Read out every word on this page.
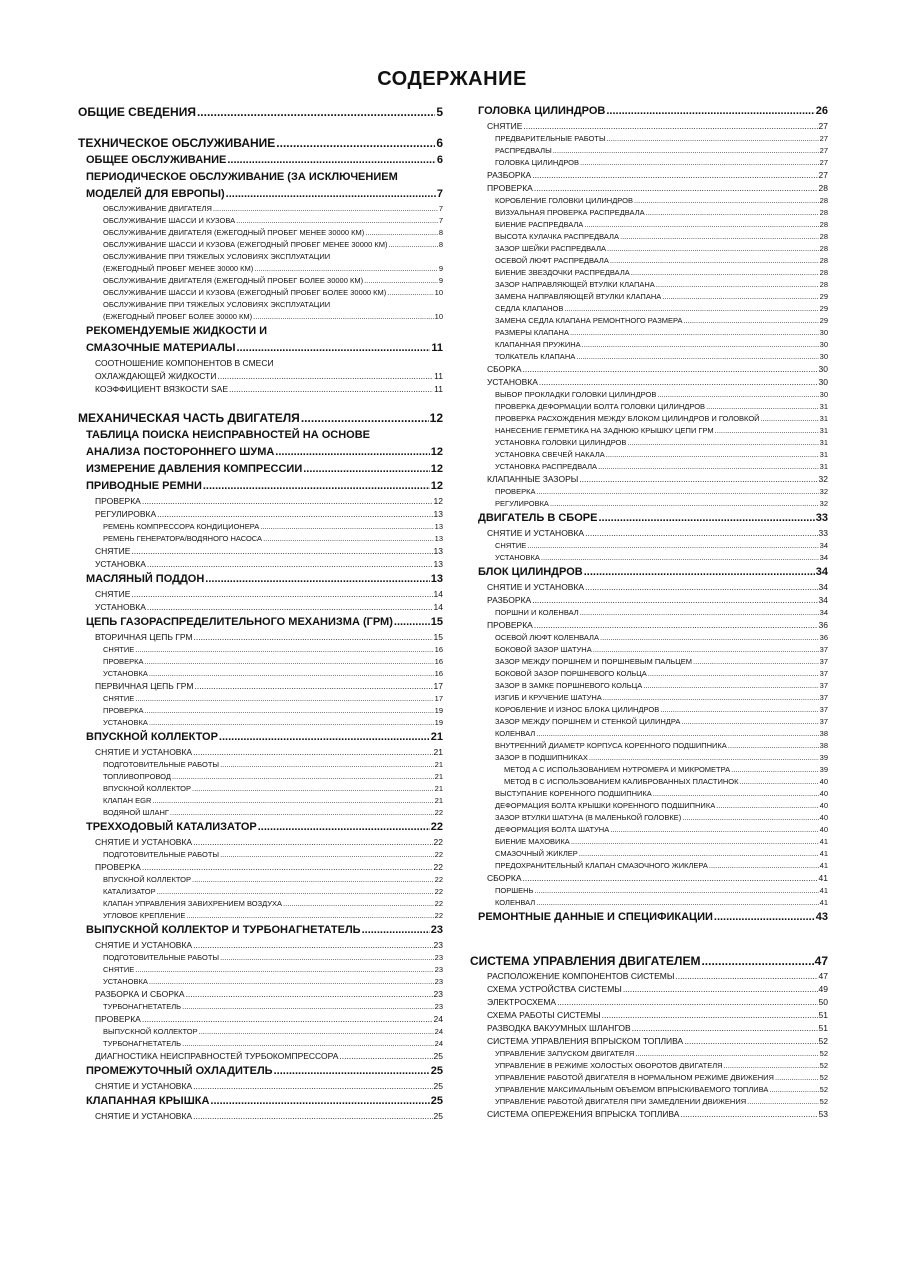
СОДЕРЖАНИЕ
ОБЩИЕ СВЕДЕНИЯ .....	5
ТЕХНИЧЕСКОЕ ОБСЛУЖИВАНИЕ .....	6
ОБЩЕЕ ОБСЛУЖИВАНИЕ .....	6
ПЕРИОДИЧЕСКОЕ ОБСЛУЖИВАНИЕ (ЗА ИСКЛЮЧЕНИЕМ
МОДЕЛЕЙ ДЛЯ ЕВРОПЫ) .....	7
ОБСЛУЖИВАНИЕ ДВИГАТЕЛЯ .....	7
ОБСЛУЖИВАНИЕ ШАССИ И КУЗОВА .....	7
ОБСЛУЖИВАНИЕ ДВИГАТЕЛЯ (ЕЖЕГОДНЫЙ ПРОБЕГ МЕНЕЕ 30000 КМ) .....	8
ОБСЛУЖИВАНИЕ ШАССИ И КУЗОВА (ЕЖЕГОДНЫЙ ПРОБЕГ МЕНЕЕ 30000 КМ) .....	8
ОБСЛУЖИВАНИЕ ПРИ ТЯЖЕЛЫХ УСЛОВИЯХ ЭКСПЛУАТАЦИИ
(ЕЖЕГОДНЫЙ ПРОБЕГ МЕНЕЕ 30000 КМ) .....	9
ОБСЛУЖИВАНИЕ ДВИГАТЕЛЯ (ЕЖЕГОДНЫЙ ПРОБЕГ БОЛЕЕ 30000 КМ) .....	9
ОБСЛУЖИВАНИЕ ШАССИ И КУЗОВА (ЕЖЕГОДНЫЙ ПРОБЕГ БОЛЕЕ 30000 КМ) .....	10
ОБСЛУЖИВАНИЕ ПРИ ТЯЖЕЛЫХ УСЛОВИЯХ ЭКСПЛУАТАЦИИ
(ЕЖЕГОДНЫЙ ПРОБЕГ БОЛЕЕ 30000 КМ) .....	10
РЕКОМЕНДУЕМЫЕ ЖИДКОСТИ И
СМАЗОЧНЫЕ МАТЕРИАЛЫ .....	11
СООТНОШЕНИЕ КОМПОНЕНТОВ В СМЕСИ
ОХЛАЖДАЮЩЕЙ ЖИДКОСТИ .....	11
КОЭФФИЦИЕНТ ВЯЗКОСТИ SAE .....	11
МЕХАНИЧЕСКАЯ ЧАСТЬ ДВИГАТЕЛЯ .....	12
ТАБЛИЦА ПОИСКА НЕИСПРАВНОСТЕЙ НА ОСНОВЕ
АНАЛИЗА ПОСТОРОННЕГО ШУМА .....	12
ИЗМЕРЕНИЕ ДАВЛЕНИЯ КОМПРЕССИИ .....	12
ПРИВОДНЫЕ РЕМНИ .....	12
ПРОВЕРКА .....	12
РЕГУЛИРОВКА .....	13
РЕМЕНЬ КОМПРЕССОРА КОНДИЦИОНЕРА .....	13
РЕМЕНЬ ГЕНЕРАТОРА/ВОДЯНОГО НАСОСА .....	13
СНЯТИЕ .....	13
УСТАНОВКА .....	13
МАСЛЯНЫЙ ПОДДОН .....	13
СНЯТИЕ .....	14
УСТАНОВКА .....	14
ЦЕПЬ ГАЗОРАСПРЕДЕЛИТЕЛЬНОГО МЕХАНИЗМА (ГРМ) .....	15
ВТОРИЧНАЯ ЦЕПЬ ГРМ .....	15
СНЯТИЕ .....	16
ПРОВЕРКА .....	16
УСТАНОВКА .....	16
ПЕРВИЧНАЯ ЦЕПЬ ГРМ .....	17
СНЯТИЕ .....	17
ПРОВЕРКА .....	19
УСТАНОВКА .....	19
ВПУСКНОЙ КОЛЛЕКТОР .....	21
СНЯТИЕ И УСТАНОВКА .....	21
ПОДГОТОВИТЕЛЬНЫЕ РАБОТЫ .....	21
ТОПЛИВОПРОВОД .....	21
ВПУСКНОЙ КОЛЛЕКТОР .....	21
КЛАПАН EGR .....	21
ВОДЯНОЙ ШЛАНГ .....	22
ТРЕХХОДОВЫЙ КАТАЛИЗАТОР .....	22
СНЯТИЕ И УСТАНОВКА .....	22
ПОДГОТОВИТЕЛЬНЫЕ РАБОТЫ .....	22
ПРОВЕРКА .....	22
ВПУСКНОЙ КОЛЛЕКТОР .....	22
КАТАЛИЗАТОР .....	22
КЛАПАН УПРАВЛЕНИЯ ЗАВИХРЕНИЕМ ВОЗДУХА .....	22
УГЛОВОЕ КРЕПЛЕНИЕ .....	22
ВЫПУСКНОЙ КОЛЛЕКТОР И ТУРБОНАГНЕТАТЕЛЬ .....	23
СНЯТИЕ И УСТАНОВКА .....	23
ПОДГОТОВИТЕЛЬНЫЕ РАБОТЫ .....	23
СНЯТИЕ .....	23
УСТАНОВКА .....	23
РАЗБОРКА И СБОРКА .....	23
ТУРБОНАГНЕТАТЕЛЬ .....	23
ПРОВЕРКА .....	24
ВЫПУСКНОЙ КОЛЛЕКТОР .....	24
ТУРБОНАГНЕТАТЕЛЬ .....	24
ДИАГНОСТИКА НЕИСПРАВНОСТЕЙ ТУРБОКОМПРЕССОРА .....	25
ПРОМЕЖУТОЧНЫЙ ОХЛАДИТЕЛЬ .....	25
СНЯТИЕ И УСТАНОВКА .....	25
КЛАПАННАЯ КРЫШКА .....	25
СНЯТИЕ И УСТАНОВКА .....	25
ГОЛОВКА ЦИЛИНДРОВ .....	26
СНЯТИЕ .....	27
ПРЕДВАРИТЕЛЬНЫЕ РАБОТЫ .....	27
РАСПРЕДВАЛЫ .....	27
ГОЛОВКА ЦИЛИНДРОВ .....	27
РАЗБОРКА .....	27
ПРОВЕРКА .....	28
КОРОБЛЕНИЕ ГОЛОВКИ ЦИЛИНДРОВ .....	28
ВИЗУАЛЬНАЯ ПРОВЕРКА РАСПРЕДВАЛА .....	28
БИЕНИЕ РАСПРЕДВАЛА .....	28
ВЫСОТА КУЛАЧКА РАСПРЕДВАЛА .....	28
ЗАЗОР ШЕЙКИ РАСПРЕДВАЛА .....	28
ОСЕВОЙ ЛЮФТ РАСПРЕДВАЛА .....	28
БИЕНИЕ ЗВЕЗДОЧКИ РАСПРЕДВАЛА .....	28
ЗАЗОР НАПРАВЛЯЮЩЕЙ ВТУЛКИ КЛАПАНА .....	28
ЗАМЕНА НАПРАВЛЯЮЩЕЙ ВТУЛКИ КЛАПАНА .....	29
СЕДЛА КЛАПАНОВ .....	29
ЗАМЕНА СЕДЛА КЛАПАНА РЕМОНТНОГО РАЗМЕРА .....	29
РАЗМЕРЫ КЛАПАНА .....	30
КЛАПАННАЯ ПРУЖИНА .....	30
ТОЛКАТЕЛЬ КЛАПАНА .....	30
СБОРКА .....	30
УСТАНОВКА .....	30
ВЫБОР ПРОКЛАДКИ ГОЛОВКИ ЦИЛИНДРОВ .....	30
ПРОВЕРКА ДЕФОРМАЦИИ БОЛТА ГОЛОВКИ ЦИЛИНДРОВ .....	31
ПРОВЕРКА РАСХОЖДЕНИЯ МЕЖДУ БЛОКОМ ЦИЛИНДРОВ И ГОЛОВКОЙ .....	31
НАНЕСЕНИЕ ГЕРМЕТИКА НА ЗАДНЮЮ КРЫШКУ ЦЕПИ ГРМ .....	31
УСТАНОВКА ГОЛОВКИ ЦИЛИНДРОВ .....	31
УСТАНОВКА СВЕЧЕЙ НАКАЛА .....	31
УСТАНОВКА РАСПРЕДВАЛА .....	31
КЛАПАННЫЕ ЗАЗОРЫ .....	32
ПРОВЕРКА .....	32
РЕГУЛИРОВКА .....	32
ДВИГАТЕЛЬ В СБОРЕ .....	33
СНЯТИЕ И УСТАНОВКА .....	33
СНЯТИЕ .....	34
УСТАНОВКА .....	34
БЛОК ЦИЛИНДРОВ .....	34
СНЯТИЕ И УСТАНОВКА .....	34
РАЗБОРКА .....	34
ПОРШНИ И КОЛЕНВАЛ .....	34
ПРОВЕРКА .....	36
ОСЕВОЙ ЛЮФТ КОЛЕНВАЛА .....	36
БОКОВОЙ ЗАЗОР ШАТУНА .....	37
ЗАЗОР МЕЖДУ ПОРШНЕМ И ПОРШНЕВЫМ ПАЛЬЦЕМ .....	37
БОКОВОЙ ЗАЗОР ПОРШНЕВОГО КОЛЬЦА .....	37
ЗАЗОР В ЗАМКЕ ПОРШНЕВОГО КОЛЬЦА .....	37
ИЗГИБ И КРУЧЕНИЕ ШАТУНА .....	37
КОРОБЛЕНИЕ И ИЗНОС БЛОКА ЦИЛИНДРОВ .....	37
ЗАЗОР МЕЖДУ ПОРШНЕМ И СТЕНКОЙ ЦИЛИНДРА .....	37
КОЛЕНВАЛ .....	38
ВНУТРЕННИЙ ДИАМЕТР КОРПУСА КОРЕННОГО ПОДШИПНИКА .....	38
ЗАЗОР В ПОДШИПНИКАХ .....	39
МЕТОД A С ИСПОЛЬЗОВАНИЕМ НУТРОМЕРА И МИКРОМЕТРА .....	39
МЕТОД B С ИСПОЛЬЗОВАНИЕМ КАЛИБРОВАННЫХ ПЛАСТИНОК .....	40
ВЫСТУПАНИЕ КОРЕННОГО ПОДШИПНИКА .....	40
ДЕФОРМАЦИЯ БОЛТА КРЫШКИ КОРЕННОГО ПОДШИПНИКА .....	40
ЗАЗОР ВТУЛКИ ШАТУНА (В МАЛЕНЬКОЙ ГОЛОВКЕ) .....	40
ДЕФОРМАЦИЯ БОЛТА ШАТУНА .....	40
БИЕНИЕ МАХОВИКА .....	41
СМАЗОЧНЫЙ ЖИКЛЕР .....	41
ПРЕДОХРАНИТЕЛЬНЫЙ КЛАПАН СМАЗОЧНОГО ЖИКЛЕРА .....	41
СБОРКА .....	41
ПОРШЕНЬ .....	41
КОЛЕНВАЛ .....	41
РЕМОНТНЫЕ ДАННЫЕ И СПЕЦИФИКАЦИИ .....	43
СИСТЕМА УПРАВЛЕНИЯ ДВИГАТЕЛЕМ .....	47
РАСПОЛОЖЕНИЕ КОМПОНЕНТОВ СИСТЕМЫ .....	47
СХЕМА УСТРОЙСТВА СИСТЕМЫ .....	49
ЭЛЕКТРОСХЕМА .....	50
СХЕМА РАБОТЫ СИСТЕМЫ .....	51
РАЗВОДКА ВАКУУМНЫХ ШЛАНГОВ .....	51
СИСТЕМА УПРАВЛЕНИЯ ВПРЫСКОМ ТОПЛИВА .....	52
УПРАВЛЕНИЕ ЗАПУСКОМ ДВИГАТЕЛЯ .....	52
УПРАВЛЕНИЕ В РЕЖИМЕ ХОЛОСТЫХ ОБОРОТОВ ДВИГАТЕЛЯ .....	52
УПРАВЛЕНИЕ РАБОТОЙ ДВИГАТЕЛЯ В НОРМАЛЬНОМ РЕЖИМЕ ДВИЖЕНИЯ .....	52
УПРАВЛЕНИЕ МАКСИМАЛЬНЫМ ОБЪЕМОМ ВПРЫСКИВАЕМОГО ТОПЛИВА .....	52
УПРАВЛЕНИЕ РАБОТОЙ ДВИГАТЕЛЯ ПРИ ЗАМЕДЛЕНИИ ДВИЖЕНИЯ .....	52
СИСТЕМА ОПЕРЕЖЕНИЯ ВПРЫСКА ТОПЛИВА .....	53
